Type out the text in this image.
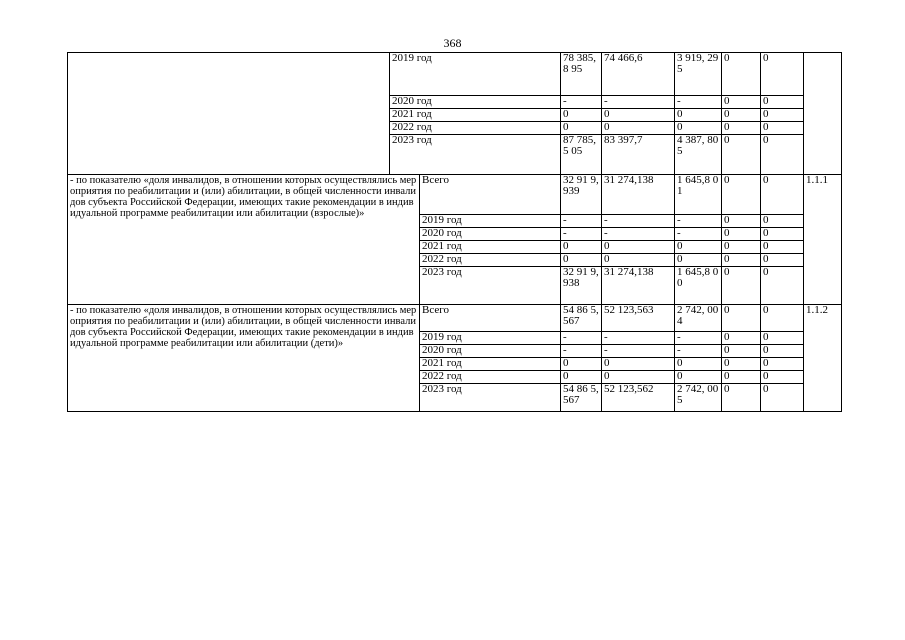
368
	2019 год		78 385,8 95	74 466,6	3 919, 295	0	0	
	2020 год		-	-	-	0	0	
	2021 год		0	0	0	0	0	
	2022 год		0	0	0	0	0	
	2023 год		87 785,5 05	83 397,7	4 387, 805	0	0	
- по показателю «доля инвалидов, в отношении которых осуществлялись мероприятия по реабилитации и (или) абилитации, в общей численности инвалидов субъекта Российской Федерации, имеющих такие рекомендации в индивидуальной программе реабилитации или абилитации (взрослые)»		Всего	32 91 9,939	31 274,138	1 645,8 01	0	0	1.1.1
		2019 год	-	-	-	0	0	
		2020 год	-	-	-	0	0	
		2021 год	0	0	0	0	0	
		2022 год	0	0	0	0	0	
		2023 год	32 91 9,938	31 274,138	1 645,8 00	0	0	
- по показателю «доля инвалидов, в отношении которых осуществлялись мероприятия по реабилитации и (или) абилитации, в общей численности инвалидов субъекта Российской Федерации, имеющих такие рекомендации в индивидуальной программе реабилитации или абилитации (дети)»		Всего	54 86 5,567	52 123,563	2 742, 004	0	0	1.1.2
		2019 год	-	-	-	0	0	
		2020 год	-	-	-	0	0	
		2021 год	0	0	0	0	0	
		2022 год	0	0	0	0	0	
		2023 год	54 86 5,567	52 123,562	2 742, 005	0	0	
